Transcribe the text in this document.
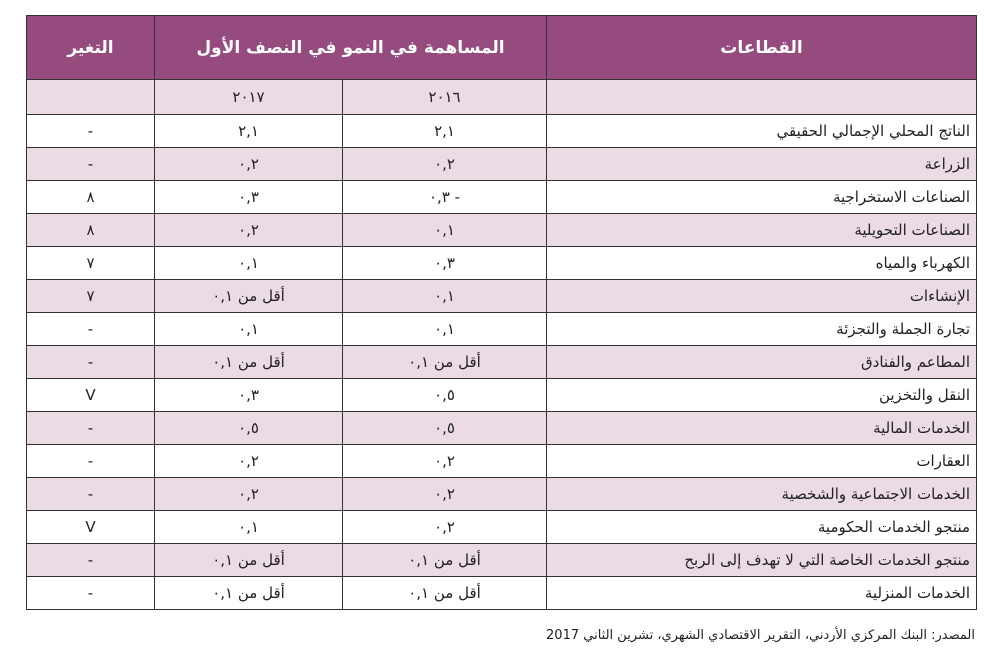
القطاعات	المساهمة في النمو في النصف الأول		التغير
	٢٠١٦	٢٠١٧	
الناتج المحلي الإجمالي الحقيقي	٢,١	٢,١	-
الزراعة	٠,٢	٠,٢	-
الصناعات الاستخراجية	- ٠,٣	٠,٣	٨
الصناعات التحويلية	٠,١	٠,٢	٨
الكهرباء والمياه	٠,٣	٠,١	٧
الإنشاءات	٠,١	أقل من ٠,١	٧
تجارة الجملة والتجزئة	٠,١	٠,١	-
المطاعم والفنادق	أقل من ٠,١	أقل من ٠,١	-
النقل والتخزين	٠,٥	٠,٣	V
الخدمات المالية	٠,٥	٠,٥	-
العقارات	٠,٢	٠,٢	-
الخدمات الاجتماعية والشخصية	٠,٢	٠,٢	-
منتجو الخدمات الحكومية	٠,٢	٠,١	V
منتجو الخدمات الخاصة التي لا تهدف إلى الربح	أقل من ٠,١	أقل من ٠,١	-
الخدمات المنزلية	أقل من ٠,١	أقل من ٠,١	-
المصدر: البنك المركزي الأردني، التقرير الاقتصادي الشهري، تشرين الثاني 2017
